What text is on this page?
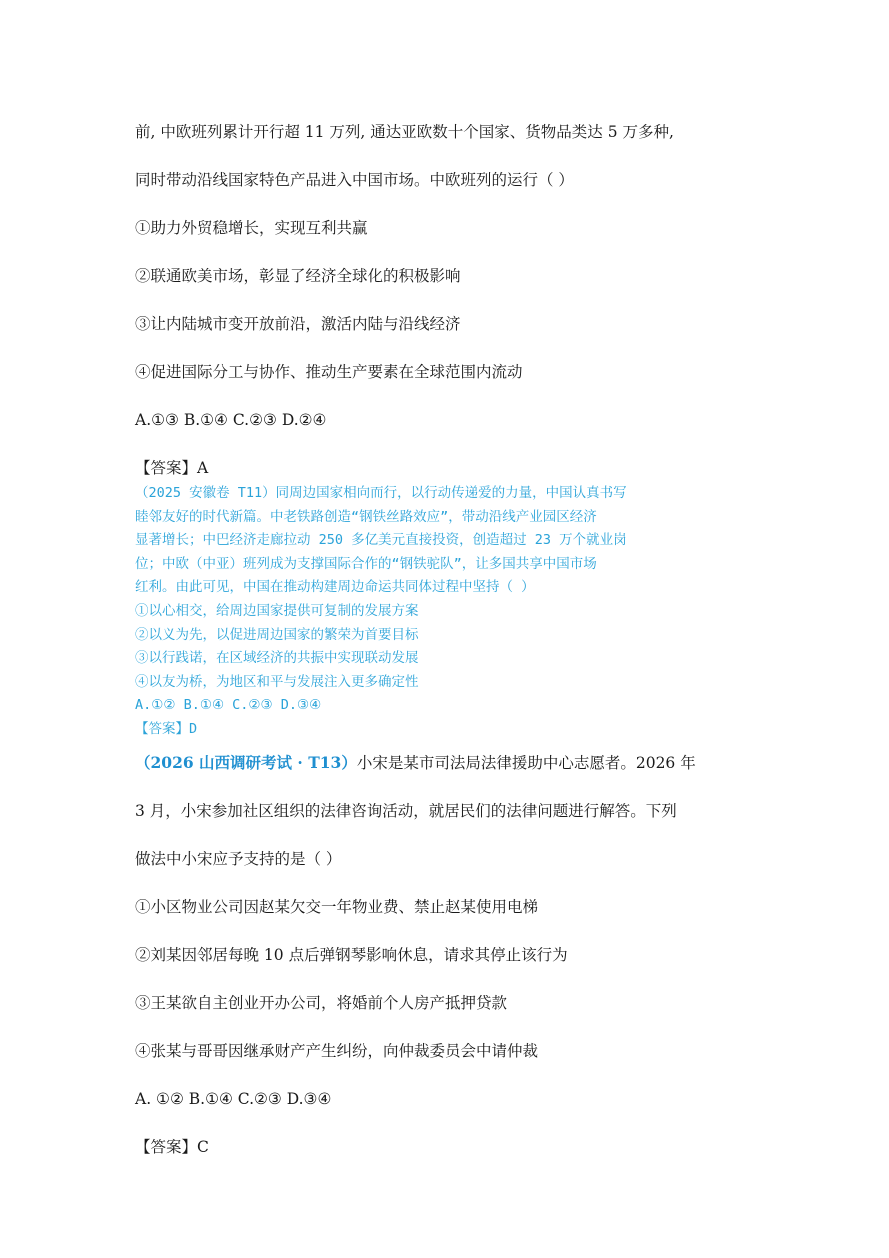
前, 中欧班列累计开行超 11 万列, 通达亚欧数十个国家、货物品类达 5 万多种,
同时带动沿线国家特色产品进入中国市场。中欧班列的运行（ ）
①助力外贸稳增长，实现互利共赢
②联通欧美市场，彰显了经济全球化的积极影响
③让内陆城市变开放前沿，激活内陆与沿线经济
④促进国际分工与协作、推动生产要素在全球范围内流动
A.①③ B.①④ C.②③ D.②④
【答案】A
（2025 安徽卷 T11）同周边国家相向而行，以行动传递爱的力量，中国认真书写
睦邻友好的时代新篇。中老铁路创造“钢铁丝路效应”，带动沿线产业园区经济
显著增长；中巴经济走廊拉动 250 多亿美元直接投资，创造超过 23 万个就业岗
位；中欧（中亚）班列成为支撑国际合作的“钢铁驼队”，让多国共享中国市场
红利。由此可见，中国在推动构建周边命运共同体过程中坚持（ ）
①以心相交，给周边国家提供可复制的发展方案
②以义为先，以促进周边国家的繁荣为首要目标
③以行践诺，在区域经济的共振中实现联动发展
④以友为桥，为地区和平与发展注入更多确定性
A.①② B.①④ C.②③ D.③④
【答案】D
（2026 山西调研考试 · T13）小宋是某市司法局法律援助中心志愿者。2026 年
3 月，小宋参加社区组织的法律咨询活动，就居民们的法律问题进行解答。下列
做法中小宋应予支持的是（ ）
①小区物业公司因赵某欠交一年物业费、禁止赵某使用电梯
②刘某因邻居每晚 10 点后弹钢琴影响休息，请求其停止该行为
③王某欲自主创业开办公司，将婚前个人房产抵押贷款
④张某与哥哥因继承财产产生纠纷，向仲裁委员会中请仲裁
A. ①② B.①④ C.②③ D.③④
【答案】C
